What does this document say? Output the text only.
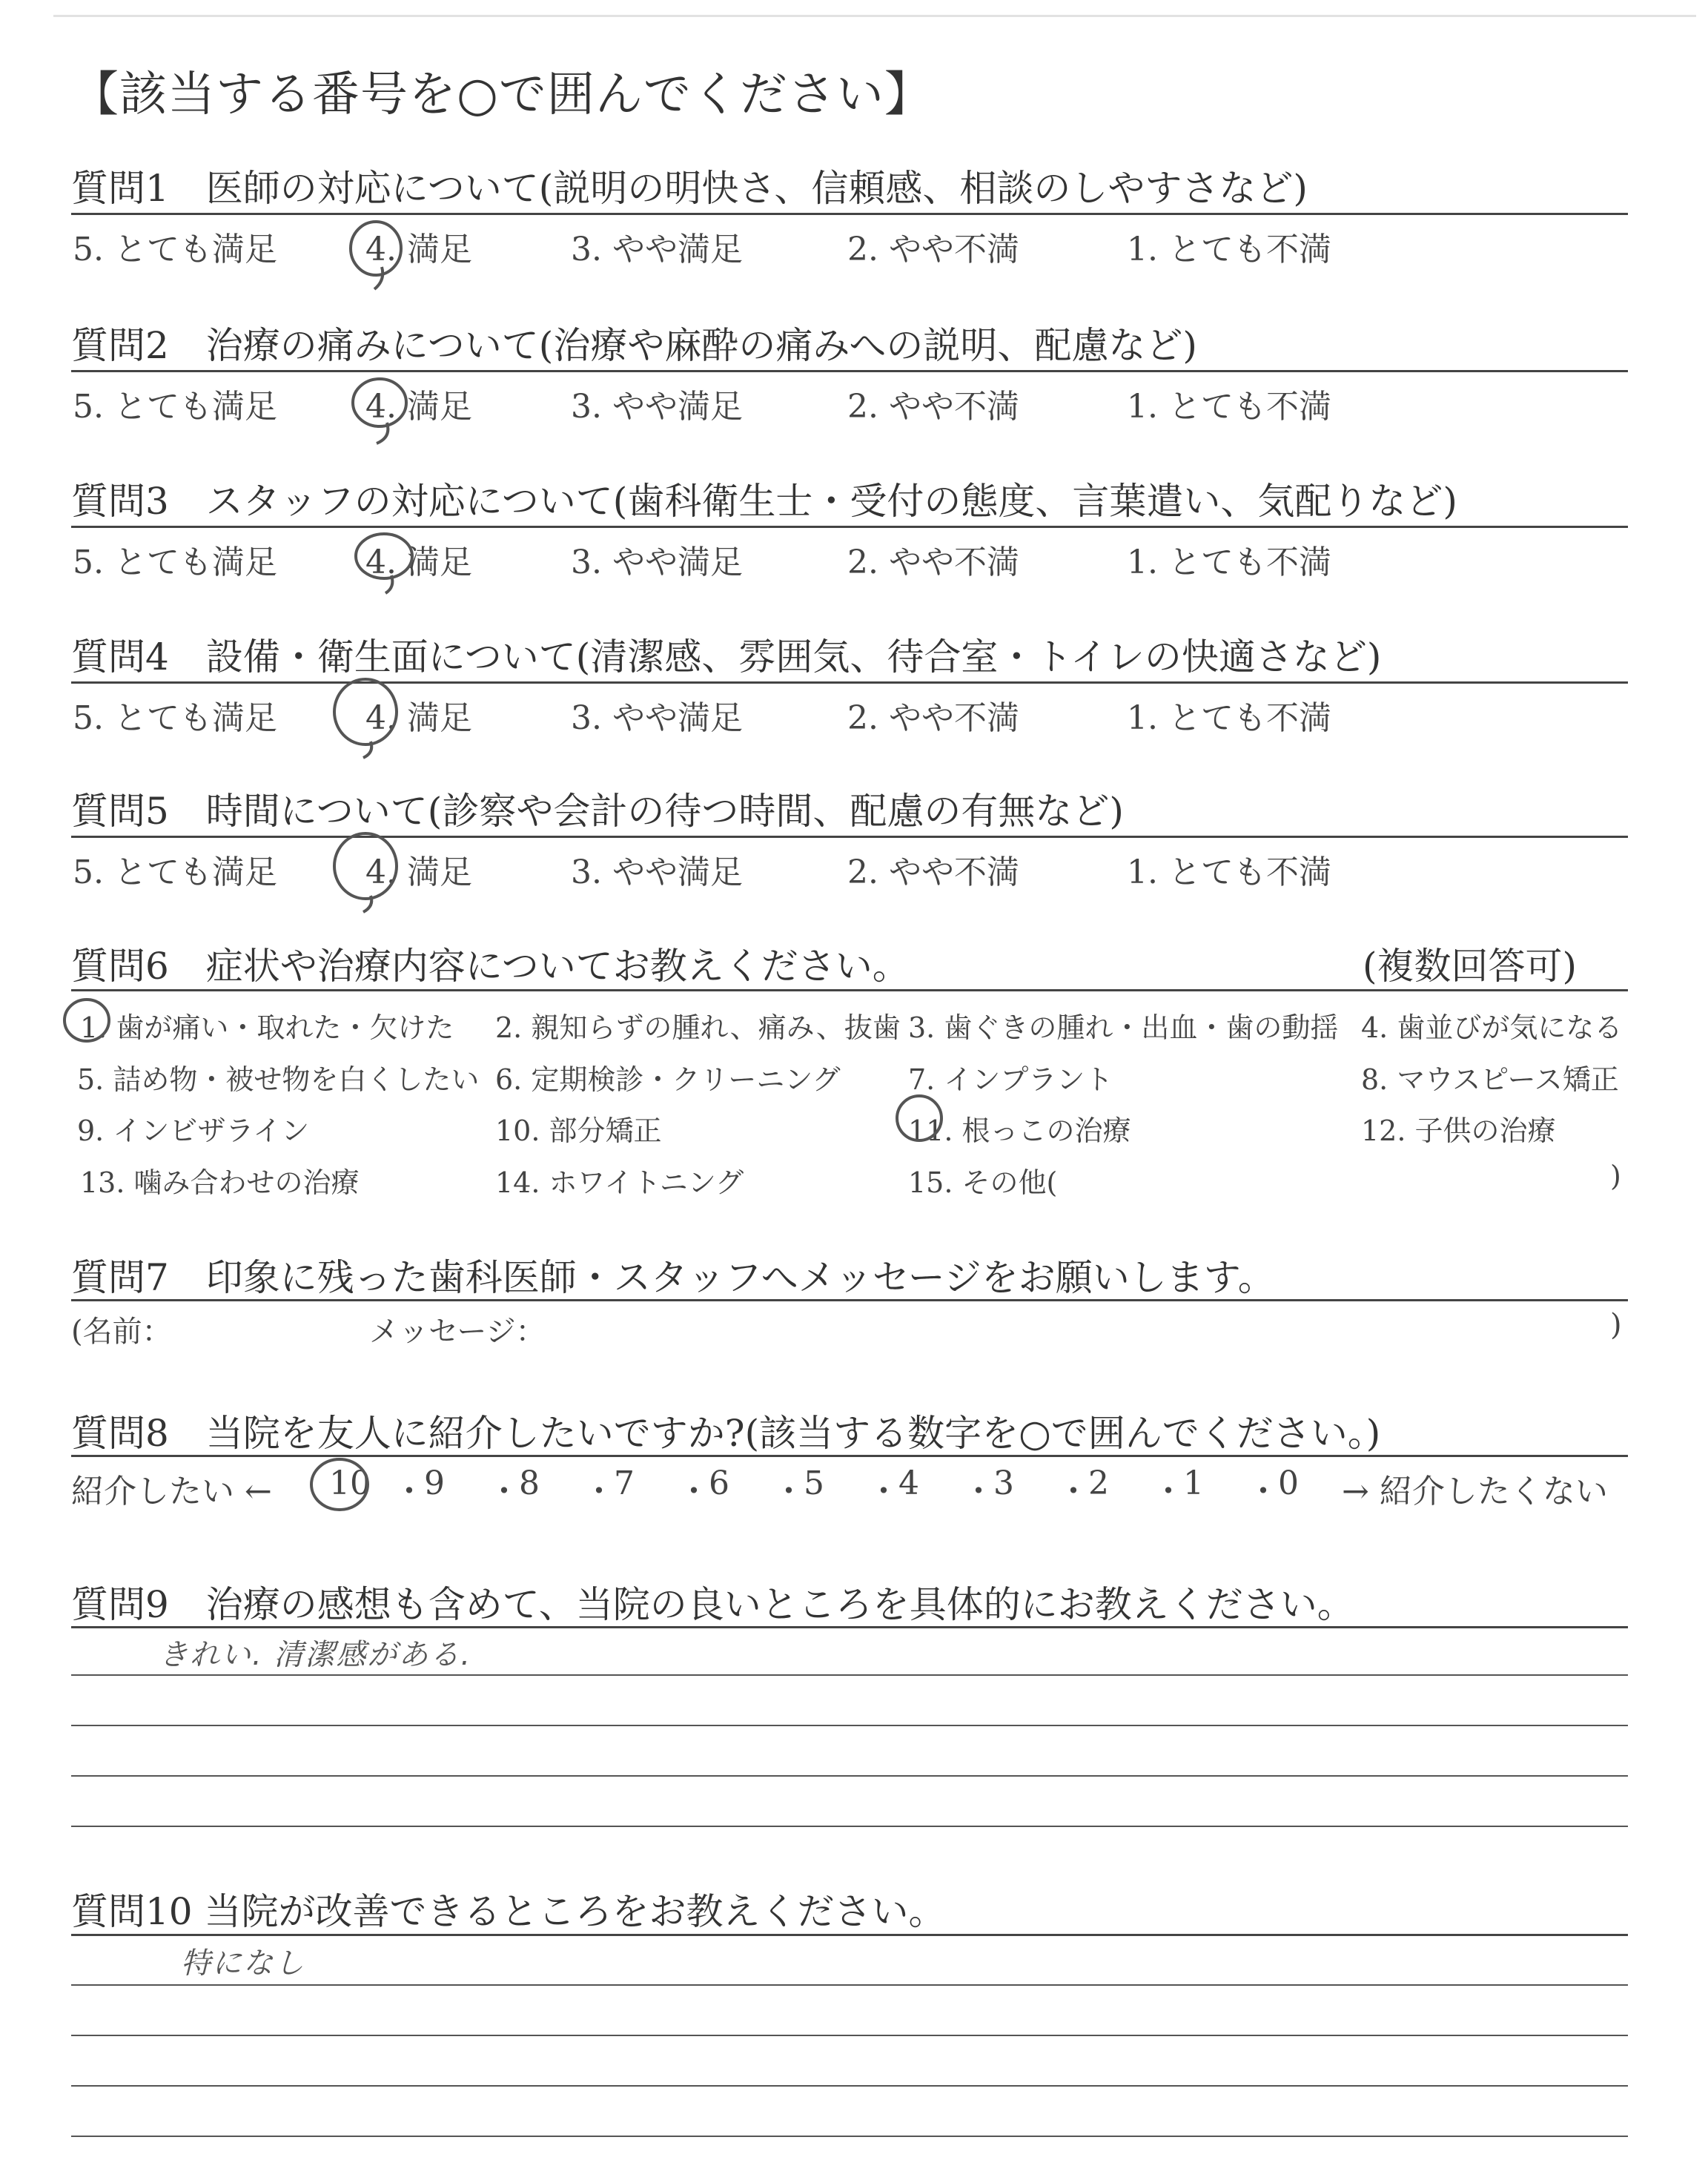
【該当する番号を○で囲んでください】
質問1　医師の対応について(説明の明快さ、信頼感、相談のしやすさなど)
5. とても満足	4. 満足	3. やや満足	2. やや不満	1. とても不満
質問2　治療の痛みについて(治療や麻酔の痛みへの説明、配慮など)
5. とても満足	4. 満足	3. やや満足	2. やや不満	1. とても不満
質問3　スタッフの対応について(歯科衛生士・受付の態度、言葉遣い、気配りなど)
5. とても満足	4. 満足	3. やや満足	2. やや不満	1. とても不満
質問4　設備・衛生面について(清潔感、雰囲気、待合室・トイレの快適さなど)
5. とても満足	4. 満足	3. やや満足	2. やや不満	1. とても不満
質問5　時間について(診察や会計の待つ時間、配慮の有無など)
5. とても満足	4. 満足	3. やや満足	2. やや不満	1. とても不満
質問6　症状や治療内容についてお教えください。	(複数回答可)
1. 歯が痛い・取れた・欠けた 2. 親知らずの腫れ、痛み、抜歯 3. 歯ぐきの腫れ・出血・歯の動揺 4. 歯並びが気になる
5. 詰め物・被せ物を白くしたい 6. 定期検診・クリーニング 7. インプラント	8. マウスピース矯正
9. インビザライン	10. 部分矯正	11. 根っこの治療	12. 子供の治療
13. 噛み合わせの治療	14. ホワイトニング	15. その他(	)
質問7　印象に残った歯科医師・スタッフへメッセージをお願いします。
(名前：	メッセージ：	)
質問8　当院を友人に紹介したいですか?(該当する数字を○で囲んでください。)
紹介したい ← 10 ・
9 ・
8 ・
7 ・
6 ・
5 ・
4 ・
3 ・
2 ・
1 ・
0 → 紹介したくない
質問9　治療の感想も含めて、当院の良いところを具体的にお教えください。
きれい. 清潔感がある.
質問10 当院が改善できるところをお教えください。
特になし
